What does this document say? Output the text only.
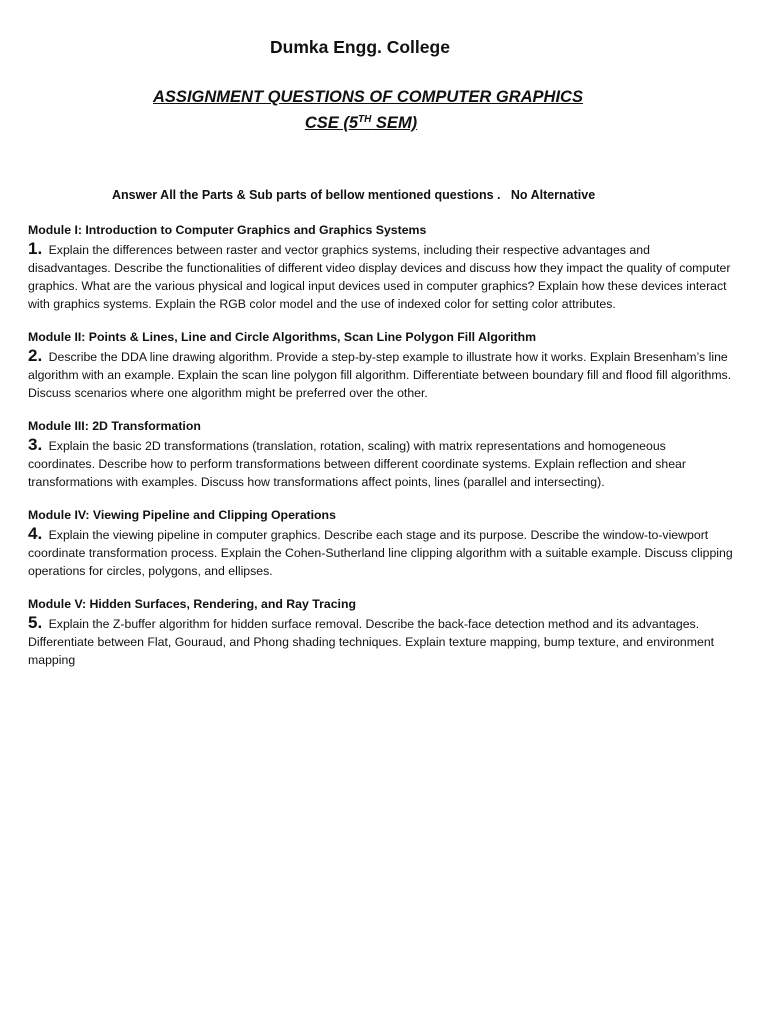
Dumka Engg. College
ASSIGNMENT QUESTIONS OF COMPUTER GRAPHICS
CSE (5TH SEM)
Answer All the Parts & Sub parts of bellow mentioned questions .   No Alternative
Module I: Introduction to Computer Graphics and Graphics Systems

1. Explain the differences between raster and vector graphics systems, including their respective advantages and disadvantages. Describe the functionalities of different video display devices and discuss how they impact the quality of computer graphics. What are the various physical and logical input devices used in computer graphics? Explain how these devices interact with graphics systems. Explain the RGB color model and the use of indexed color for setting color attributes.

Module II: Points & Lines, Line and Circle Algorithms, Scan Line Polygon Fill Algorithm

2. Describe the DDA line drawing algorithm. Provide a step-by-step example to illustrate how it works. Explain Bresenham’s line algorithm with an example. Explain the scan line polygon fill algorithm. Differentiate between boundary fill and flood fill algorithms. Discuss scenarios where one algorithm might be preferred over the other.

Module III: 2D Transformation

3. Explain the basic 2D transformations (translation, rotation, scaling) with matrix representations and homogeneous coordinates. Describe how to perform transformations between different coordinate systems. Explain reflection and shear transformations with examples. Discuss how transformations affect points, lines (parallel and intersecting).

Module IV: Viewing Pipeline and Clipping Operations

4. Explain the viewing pipeline in computer graphics. Describe each stage and its purpose. Describe the window-to-viewport coordinate transformation process. Explain the Cohen-Sutherland line clipping algorithm with a suitable example. Discuss clipping operations for circles, polygons, and ellipses.

Module V: Hidden Surfaces, Rendering, and Ray Tracing

5. Explain the Z-buffer algorithm for hidden surface removal. Describe the back-face detection method and its advantages. Differentiate between Flat, Gouraud, and Phong shading techniques. Explain texture mapping, bump texture, and environment mapping
